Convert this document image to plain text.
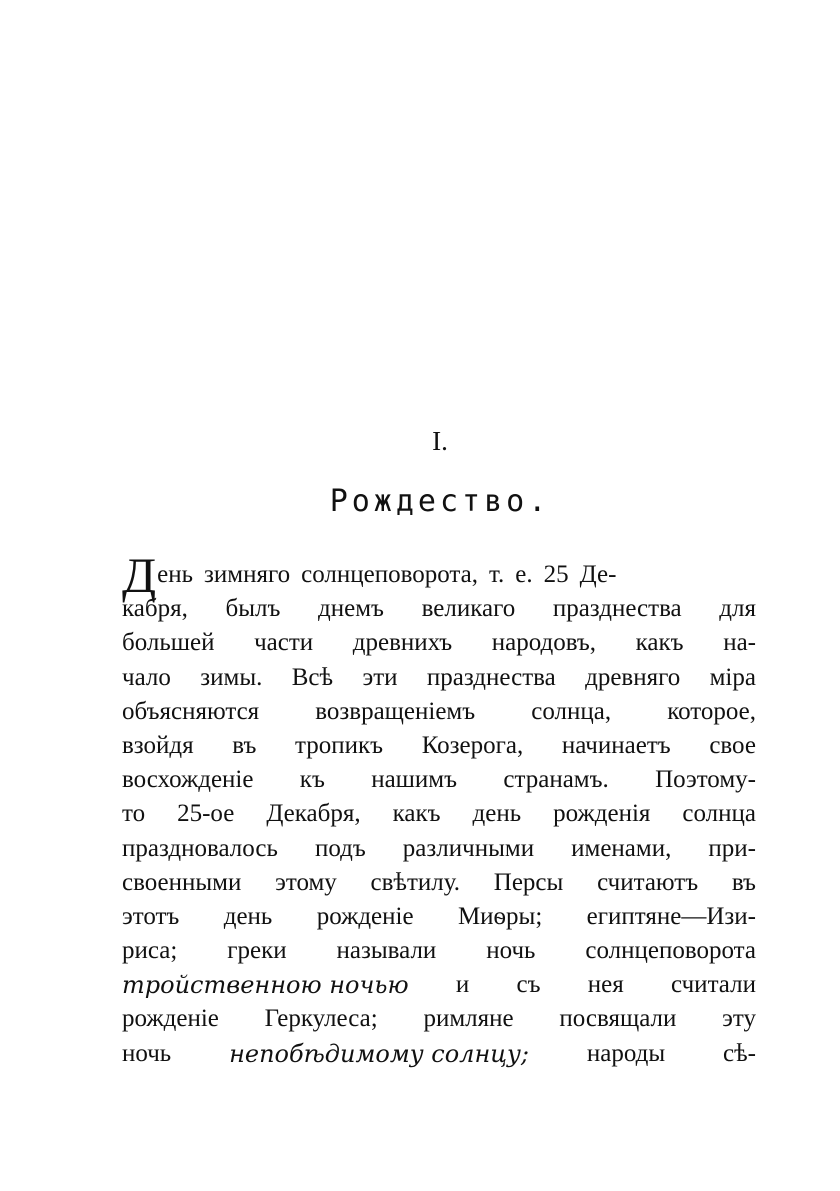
I.
Рождество.
День зимняго солнцеповорота, т. е. 25 Де-
кабря, былъ днемъ великаго празднества для
большей части древнихъ народовъ, какъ на-
чало зимы. Всѣ эти празднества древняго міра
объясняются возвращеніемъ солнца, которое,
взойдя въ тропикъ Козерога, начинаетъ свое
восхожденіе къ нашимъ странамъ. Поэтому-
то 25-ое Декабря, какъ день рожденія солнца
праздновалось подъ различными именами, при-
своенными этому свѣтилу. Персы считаютъ въ
этотъ день рожденіе Миѳры; египтяне—Изи-
риса; греки называли ночь солнцеповорота
тройственною ночью и съ нея считали
рожденіе Геркулеса; римляне посвящали эту
ночь непобѣдимому солнцу; народы сѣ-
